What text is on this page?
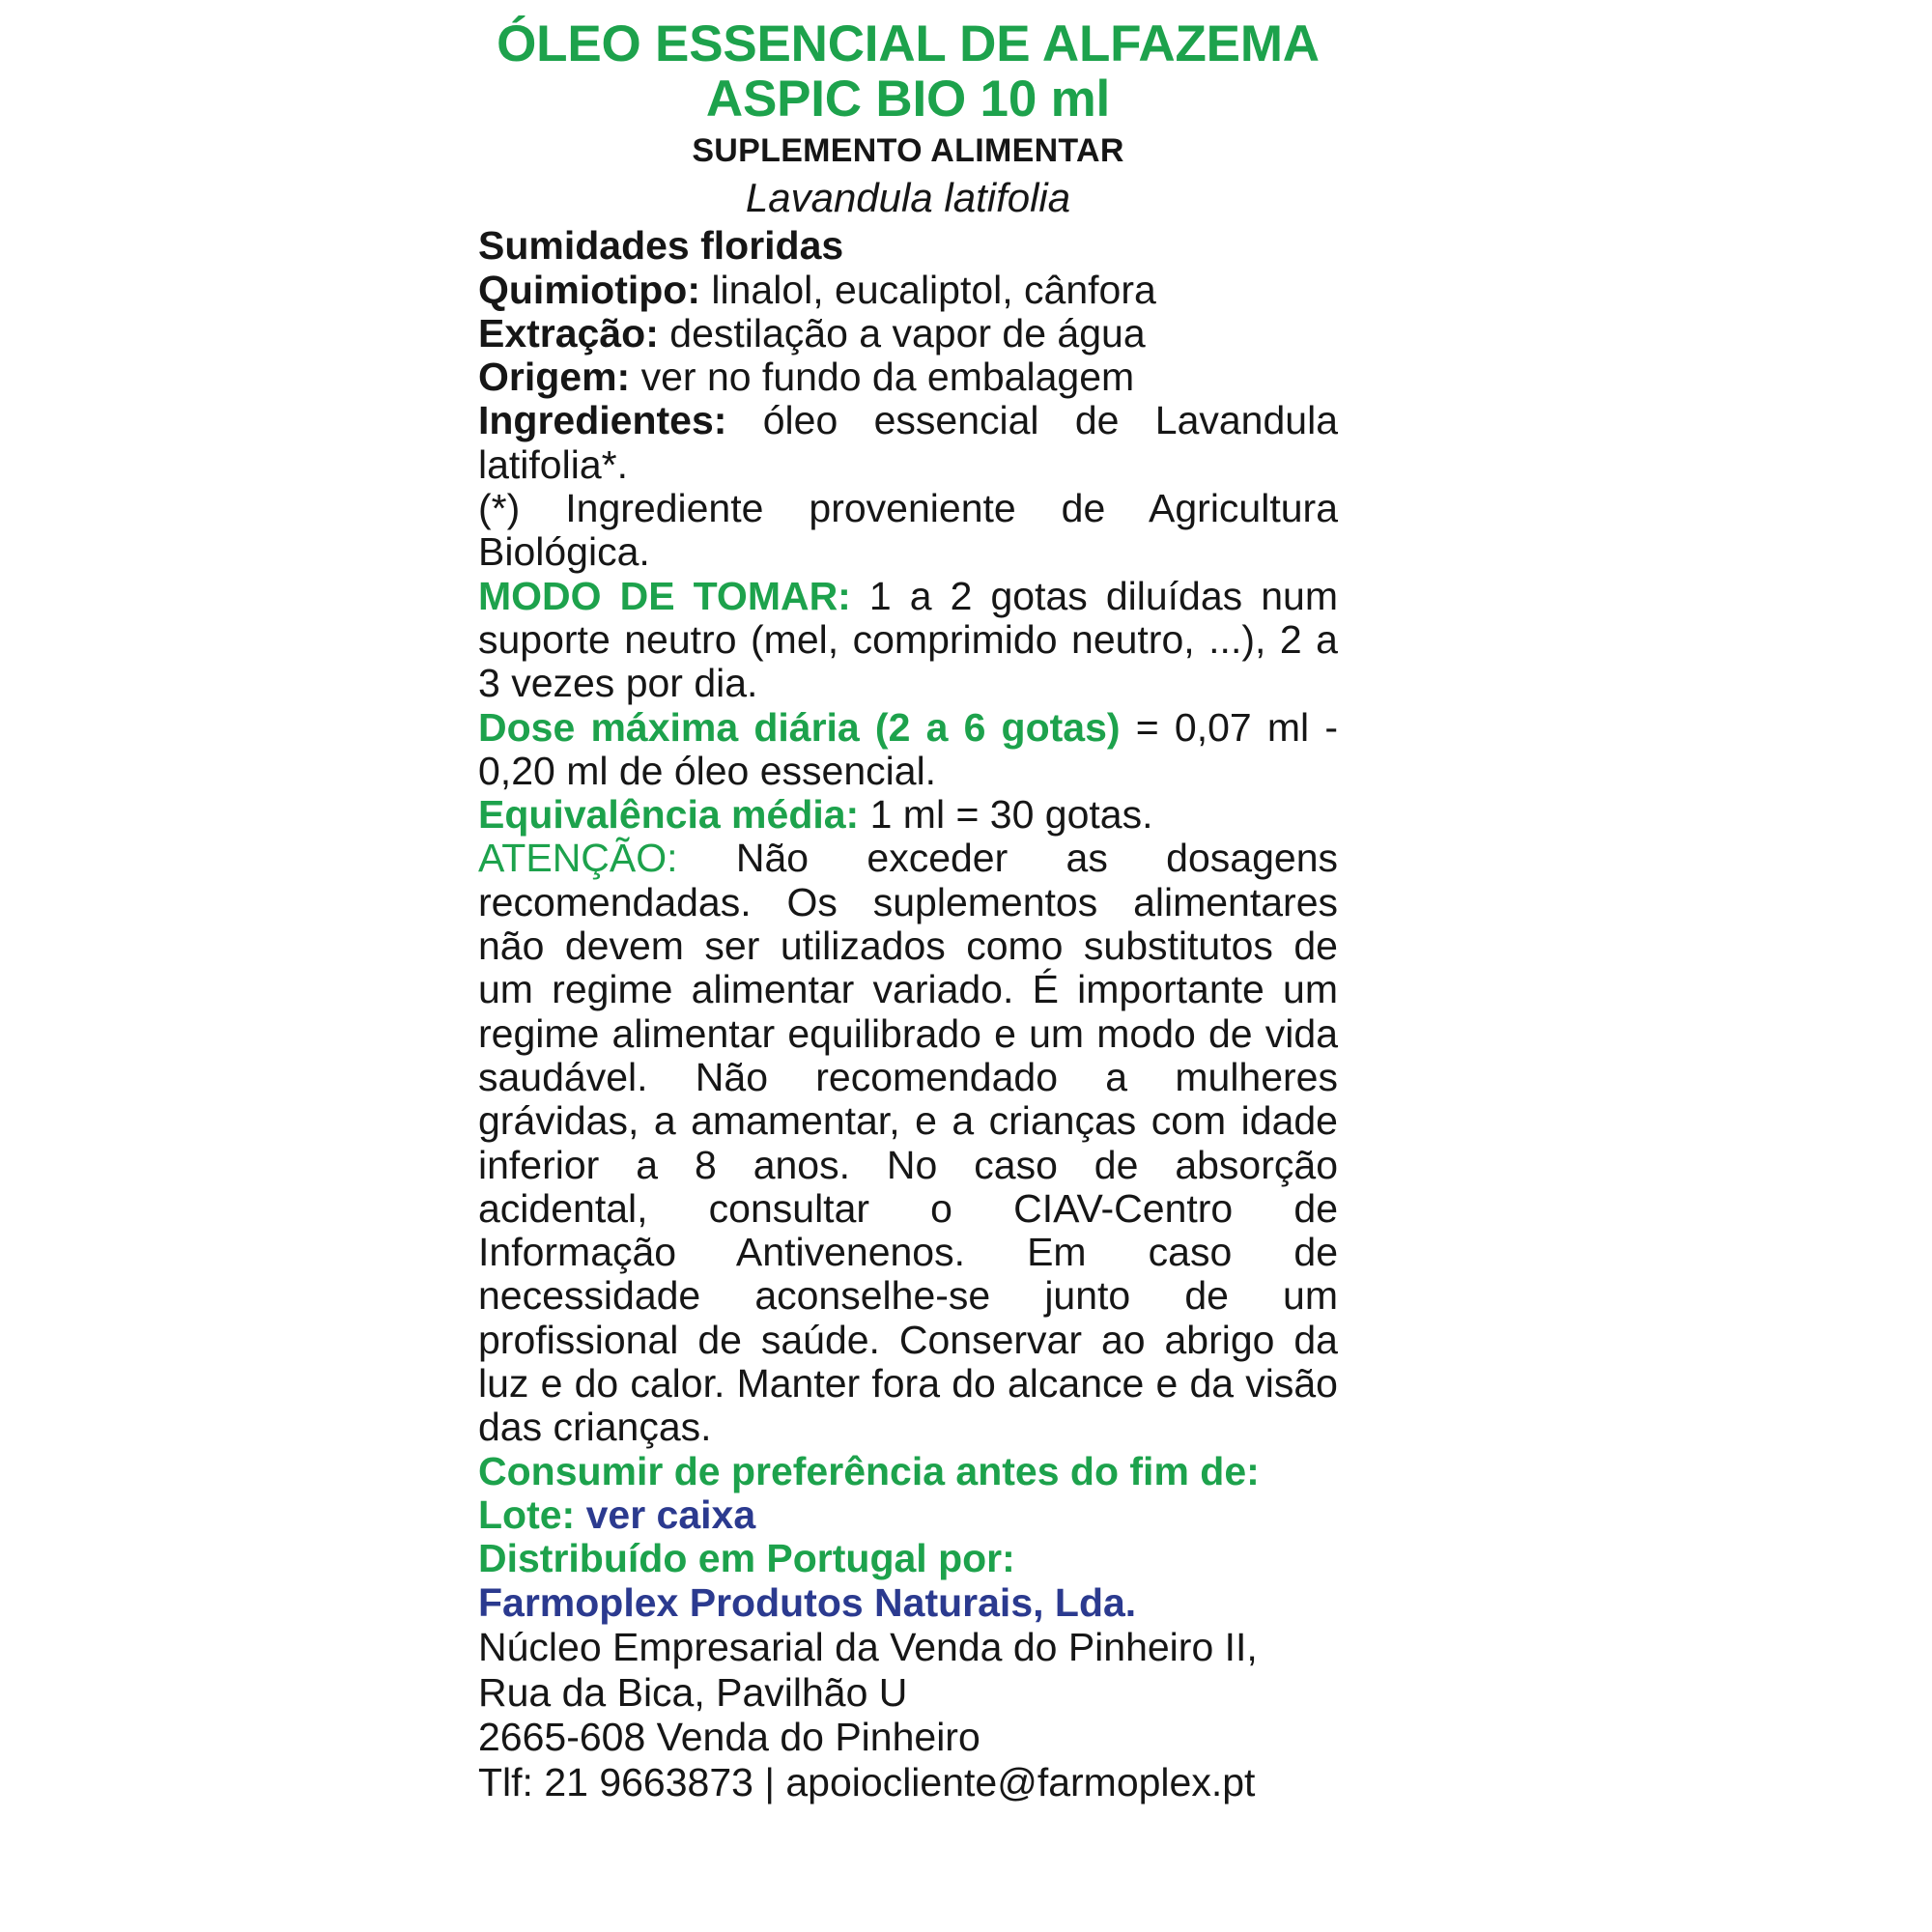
ÓLEO ESSENCIAL DE ALFAZEMA
ASPIC BIO 10 ml
SUPLEMENTO ALIMENTAR
Lavandula latifolia
Sumidades floridas
Quimiotipo: linalol, eucaliptol, cânfora
Extração: destilação a vapor de água
Origem: ver no fundo da embalagem
Ingredientes: óleo essencial de Lavandula latifolia*.
(*) Ingrediente proveniente de Agricultura Biológica.
MODO DE TOMAR: 1 a 2 gotas diluídas num suporte neutro (mel, comprimido neutro, ...), 2 a 3 vezes por dia.
Dose máxima diária (2 a 6 gotas) = 0,07 ml - 0,20 ml de óleo essencial.
Equivalência média: 1 ml = 30 gotas.
ATENÇÃO: Não exceder as dosagens recomendadas. Os suplementos alimentares não devem ser utilizados como substitutos de um regime alimentar variado. É importante um regime alimentar equilibrado e um modo de vida saudável. Não recomendado a mulheres grávidas, a amamentar, e a crianças com idade inferior a 8 anos. No caso de absorção acidental, consultar o CIAV-Centro de Informação Antivenenos. Em caso de necessidade aconselhe-se junto de um profissional de saúde. Conservar ao abrigo da luz e do calor. Manter fora do alcance e da visão das crianças.
Consumir de preferência antes do fim de:
Lote: ver caixa
Distribuído em Portugal por:
Farmoplex Produtos Naturais, Lda.
Núcleo Empresarial da Venda do Pinheiro II,
Rua da Bica, Pavilhão U
2665-608 Venda do Pinheiro
Tlf: 21 9663873 | apoiocliente@farmoplex.pt
